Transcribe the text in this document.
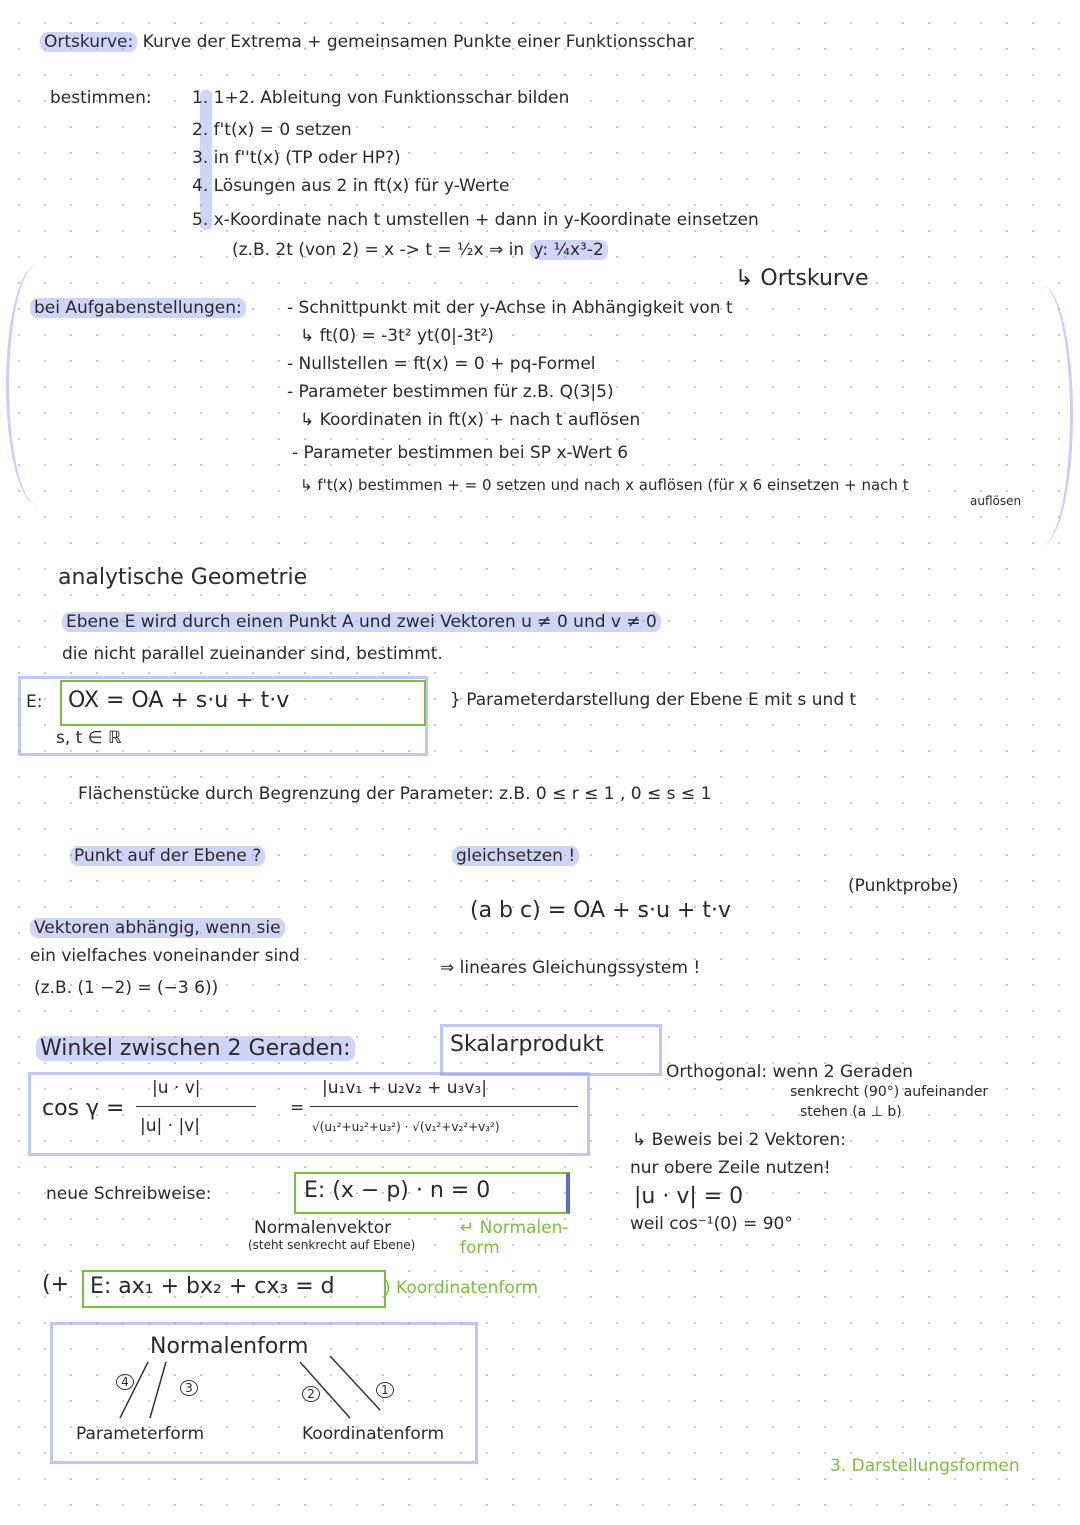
Ortskurve: Kurve der Extrema + gemeinsamen Punkte einer Funktionsschar
bestimmen: 1. 1+2. Ableitung von Funktionsschar bilden
2. f't(x) = 0 setzen
3. in f''t(x) (TP oder HP?)
4. Lösungen aus 2 in ft(x) für y-Werte
5. x-Koordinate nach t umstellen + dann in y-Koordinate einsetzen
(z.B. 2t (von 2) = x -> t = ½x ⇒ in y: ¼x³-2
↳ Ortskurve
bei Aufgabenstellungen:	- Schnittpunkt mit der y-Achse in Abhängigkeit von t
↳ ft(0) = -3t² yt(0|-3t²)
- Nullstellen = ft(x) = 0 + pq-Formel
- Parameter bestimmen für z.B. Q(3|5)
↳ Koordinaten in ft(x) + nach t auflösen
- Parameter bestimmen bei SP x-Wert 6
↳ f't(x) bestimmen + = 0 setzen und nach x auflösen (für x 6 einsetzen + nach t
auflösen
analytische Geometrie
Ebene E wird durch einen Punkt A und zwei Vektoren u ≠ 0 und v ≠ 0
die nicht parallel zueinander sind, bestimmt.
E: OX = OA + s·u + t·v
s, t ∈ ℝ
} Parameterdarstellung der Ebene E mit s und t
Flächenstücke durch Begrenzung der Parameter: z.B. 0 ≤ r ≤ 1 , 0 ≤ s ≤ 1
Punkt auf der Ebene ?	gleichsetzen !
(Punktprobe)
(a b c) = OA + s·u + t·v
⇒ lineares Gleichungssystem !
Vektoren abhängig, wenn sie
ein vielfaches voneinander sind
(z.B. (1 −2) = (−3 6))
Winkel zwischen 2 Geraden:	Skalarprodukt
cos γ =
|u · v|
|u| · |v|
=
|u₁v₁ + u₂v₂ + u₃v₃|
√(u₁²+u₂²+u₃²) · √(v₁²+v₂²+v₃²)
Orthogonal: wenn 2 Geraden
senkrecht (90°) aufeinander
stehen (a ⊥ b)
↳ Beweis bei 2 Vektoren:
nur obere Zeile nutzen!
|u · v| = 0
weil cos⁻¹(0) = 90°
neue Schreibweise:	E: (x − p) · n = 0
Normalenvektor
(steht senkrecht auf Ebene)
↵ Normalen-form
(+ E: ax₁ + bx₂ + cx₃ = d	) Koordinatenform
Normalenform
Parameterform	Koordinatenform
4	3	2	1
3. Darstellungsformen
